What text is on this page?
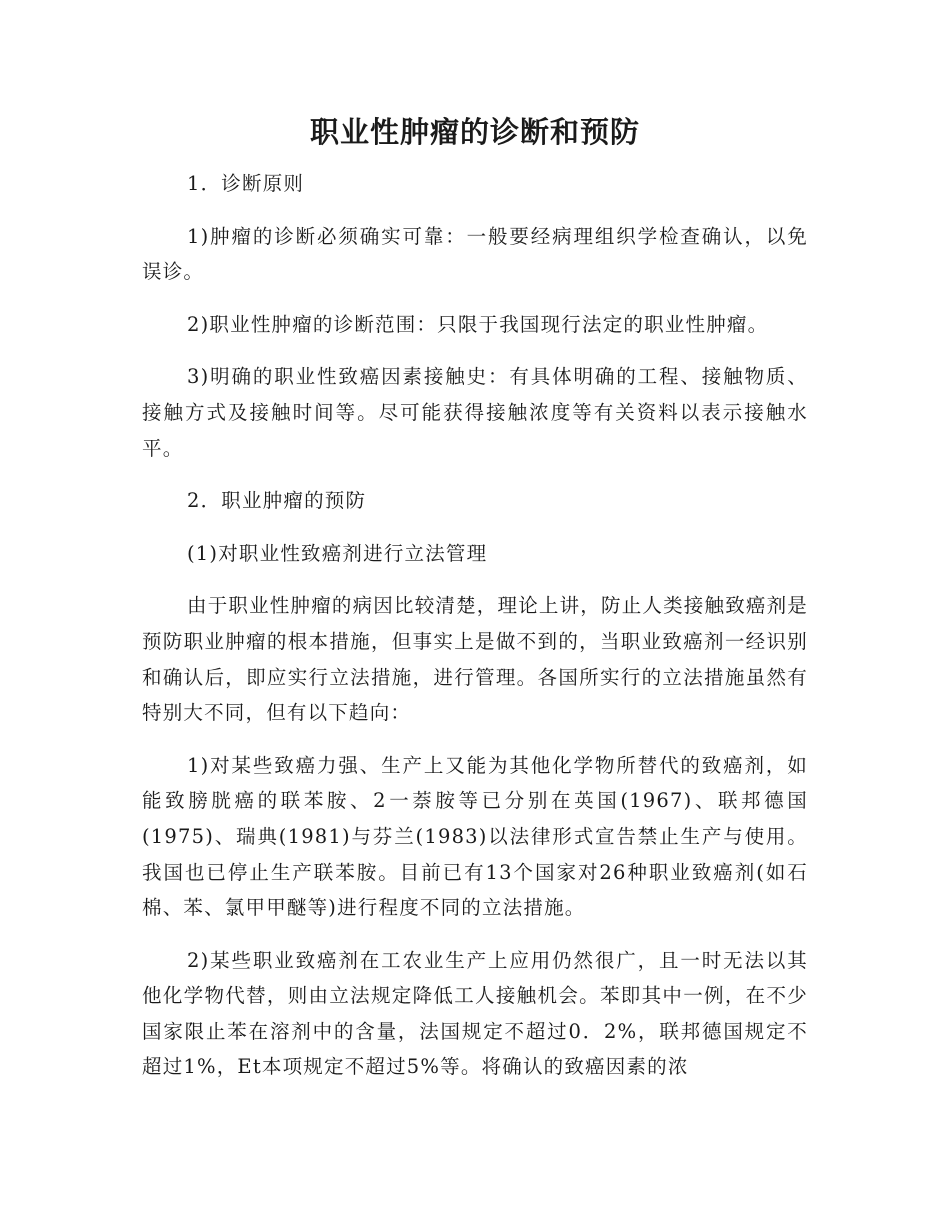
职业性肿瘤的诊断和预防

1．诊断原则

1)肿瘤的诊断必须确实可靠：一般要经病理组织学检查确认，以免误诊。

2)职业性肿瘤的诊断范围：只限于我国现行法定的职业性肿瘤。

3)明确的职业性致癌因素接触史：有具体明确的工程、接触物质、接触方式及接触时间等。尽可能获得接触浓度等有关资料以表示接触水平。

2．职业肿瘤的预防

(1)对职业性致癌剂进行立法管理

由于职业性肿瘤的病因比较清楚，理论上讲，防止人类接触致癌剂是预防职业肿瘤的根本措施，但事实上是做不到的，当职业致癌剂一经识别和确认后，即应实行立法措施，进行管理。各国所实行的立法措施虽然有特别大不同，但有以下趋向：

1)对某些致癌力强、生产上又能为其他化学物所替代的致癌剂，如能致膀胱癌的联苯胺、2一萘胺等已分别在英国(1967)、联邦德国(1975)、瑞典(1981)与芬兰(1983)以法律形式宣告禁止生产与使用。我国也已停止生产联苯胺。目前已有13个国家对26种职业致癌剂(如石棉、苯、氯甲甲醚等)进行程度不同的立法措施。

2)某些职业致癌剂在工农业生产上应用仍然很广，且一时无法以其他化学物代替，则由立法规定降低工人接触机会。苯即其中一例，在不少国家限止苯在溶剂中的含量，法国规定不超过0．2%，联邦德国规定不超过1%，Et本项规定不超过5%等。将确认的致癌因素的浓
